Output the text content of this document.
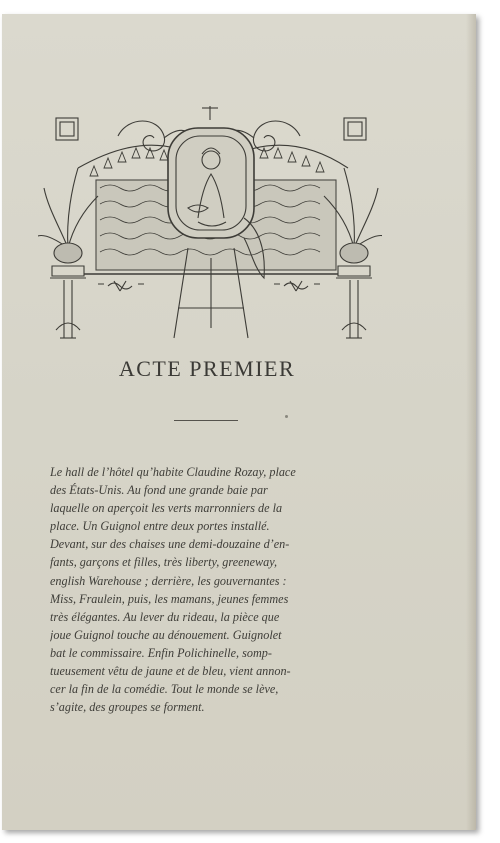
ACTE PREMIER
Le hall de l’hôtel qu’habite Claudine Rozay, place
des États-Unis. Au fond une grande baie par
laquelle on aperçoit les verts marronniers de la
place. Un Guignol entre deux portes installé.
Devant, sur des chaises une demi-douzaine d’en-
fants, garçons et filles, très liberty, greeneway,
english Warehouse ; derrière, les gouvernantes :
Miss, Fraulein, puis, les mamans, jeunes femmes
très élégantes. Au lever du rideau, la pièce que
joue Guignol touche au dénouement. Guignolet
bat le commissaire. Enfin Polichinelle, somp-
tueusement vêtu de jaune et de bleu, vient annon-
cer la fin de la comédie. Tout le monde se lève,
s’agite, des groupes se forment.
